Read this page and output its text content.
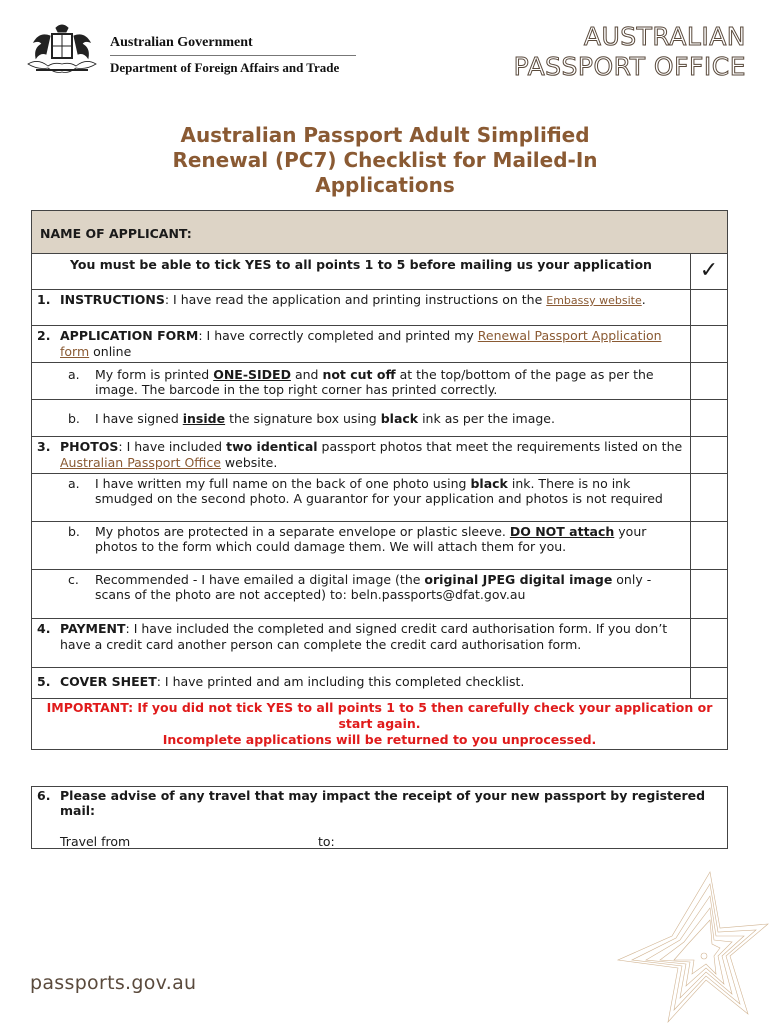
Australian Government
Department of Foreign Affairs and Trade
AUSTRALIAN
PASSPORT OFFICE
Australian Passport Adult Simplified
Renewal (PC7) Checklist for Mailed-In
Applications
NAME OF APPLICANT:	

You must be able to tick YES to all points 1 to 5 before mailing us your application	✓

1. INSTRUCTIONS: I have read the application and printing instructions on the Embassy website.	

2. APPLICATION FORM: I have correctly completed and printed my Renewal Passport Application form online	

a. My form is printed ONE-SIDED and not cut off at the top/bottom of the page as per the image. The barcode in the top right corner has printed correctly.	

b. I have signed inside the signature box using black ink as per the image.	

3. PHOTOS: I have included two identical passport photos that meet the requirements listed on the Australian Passport Office website.	

a. I have written my full name on the back of one photo using black ink. There is no ink smudged on the second photo. A guarantor for your application and photos is not required	

b. My photos are protected in a separate envelope or plastic sleeve. DO NOT attach your photos to the form which could damage them. We will attach them for you.	

c. Recommended - I have emailed a digital image (the original JPEG digital image only - scans of the photo are not accepted) to: beln.passports@dfat.gov.au	

4. PAYMENT: I have included the completed and signed credit card authorisation form. If you don’t have a credit card another person can complete the credit card authorisation form.	

5. COVER SHEET: I have printed and am including this completed checklist.	

IMPORTANT: If you did not tick YES to all points 1 to 5 then carefully check your application or start again.
Incomplete applications will be returned to you unprocessed.	
6. Please advise of any travel that may impact the receipt of your new passport by registered mail:
Travel from	to:
passports.gov.au
